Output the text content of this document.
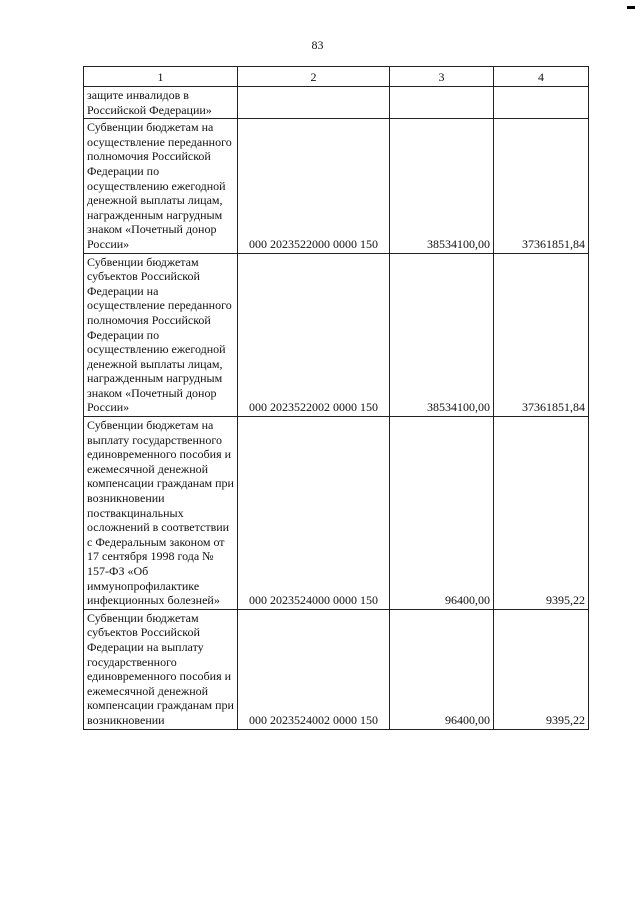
83
1	2	3	4

защите инвалидов в Российской Федерации»			

Субвенции бюджетам на осуществление переданного полномочия Российской Федерации по осуществлению ежегодной денежной выплаты лицам, награжденным нагрудным знаком «Почетный донор России»	000 2023522000 0000 150	38534100,00	37361851,84

Субвенции бюджетам субъектов Российской Федерации на осуществление переданного полномочия Российской Федерации по осуществлению ежегодной денежной выплаты лицам, награжденным нагрудным знаком «Почетный донор России»	000 2023522002 0000 150	38534100,00	37361851,84

Субвенции бюджетам на выплату государственного единовременного пособия и ежемесячной денежной компенсации гражданам при возникновении поствакцинальных осложнений в соответствии с Федеральным законом от 17 сентября 1998 года № 157-ФЗ «Об иммунопрофилактике инфекционных болезней»	000 2023524000 0000 150	96400,00	9395,22

Субвенции бюджетам субъектов Российской Федерации на выплату государственного единовременного пособия и ежемесячной денежной компенсации гражданам при возникновении	000 2023524002 0000 150	96400,00	9395,22
